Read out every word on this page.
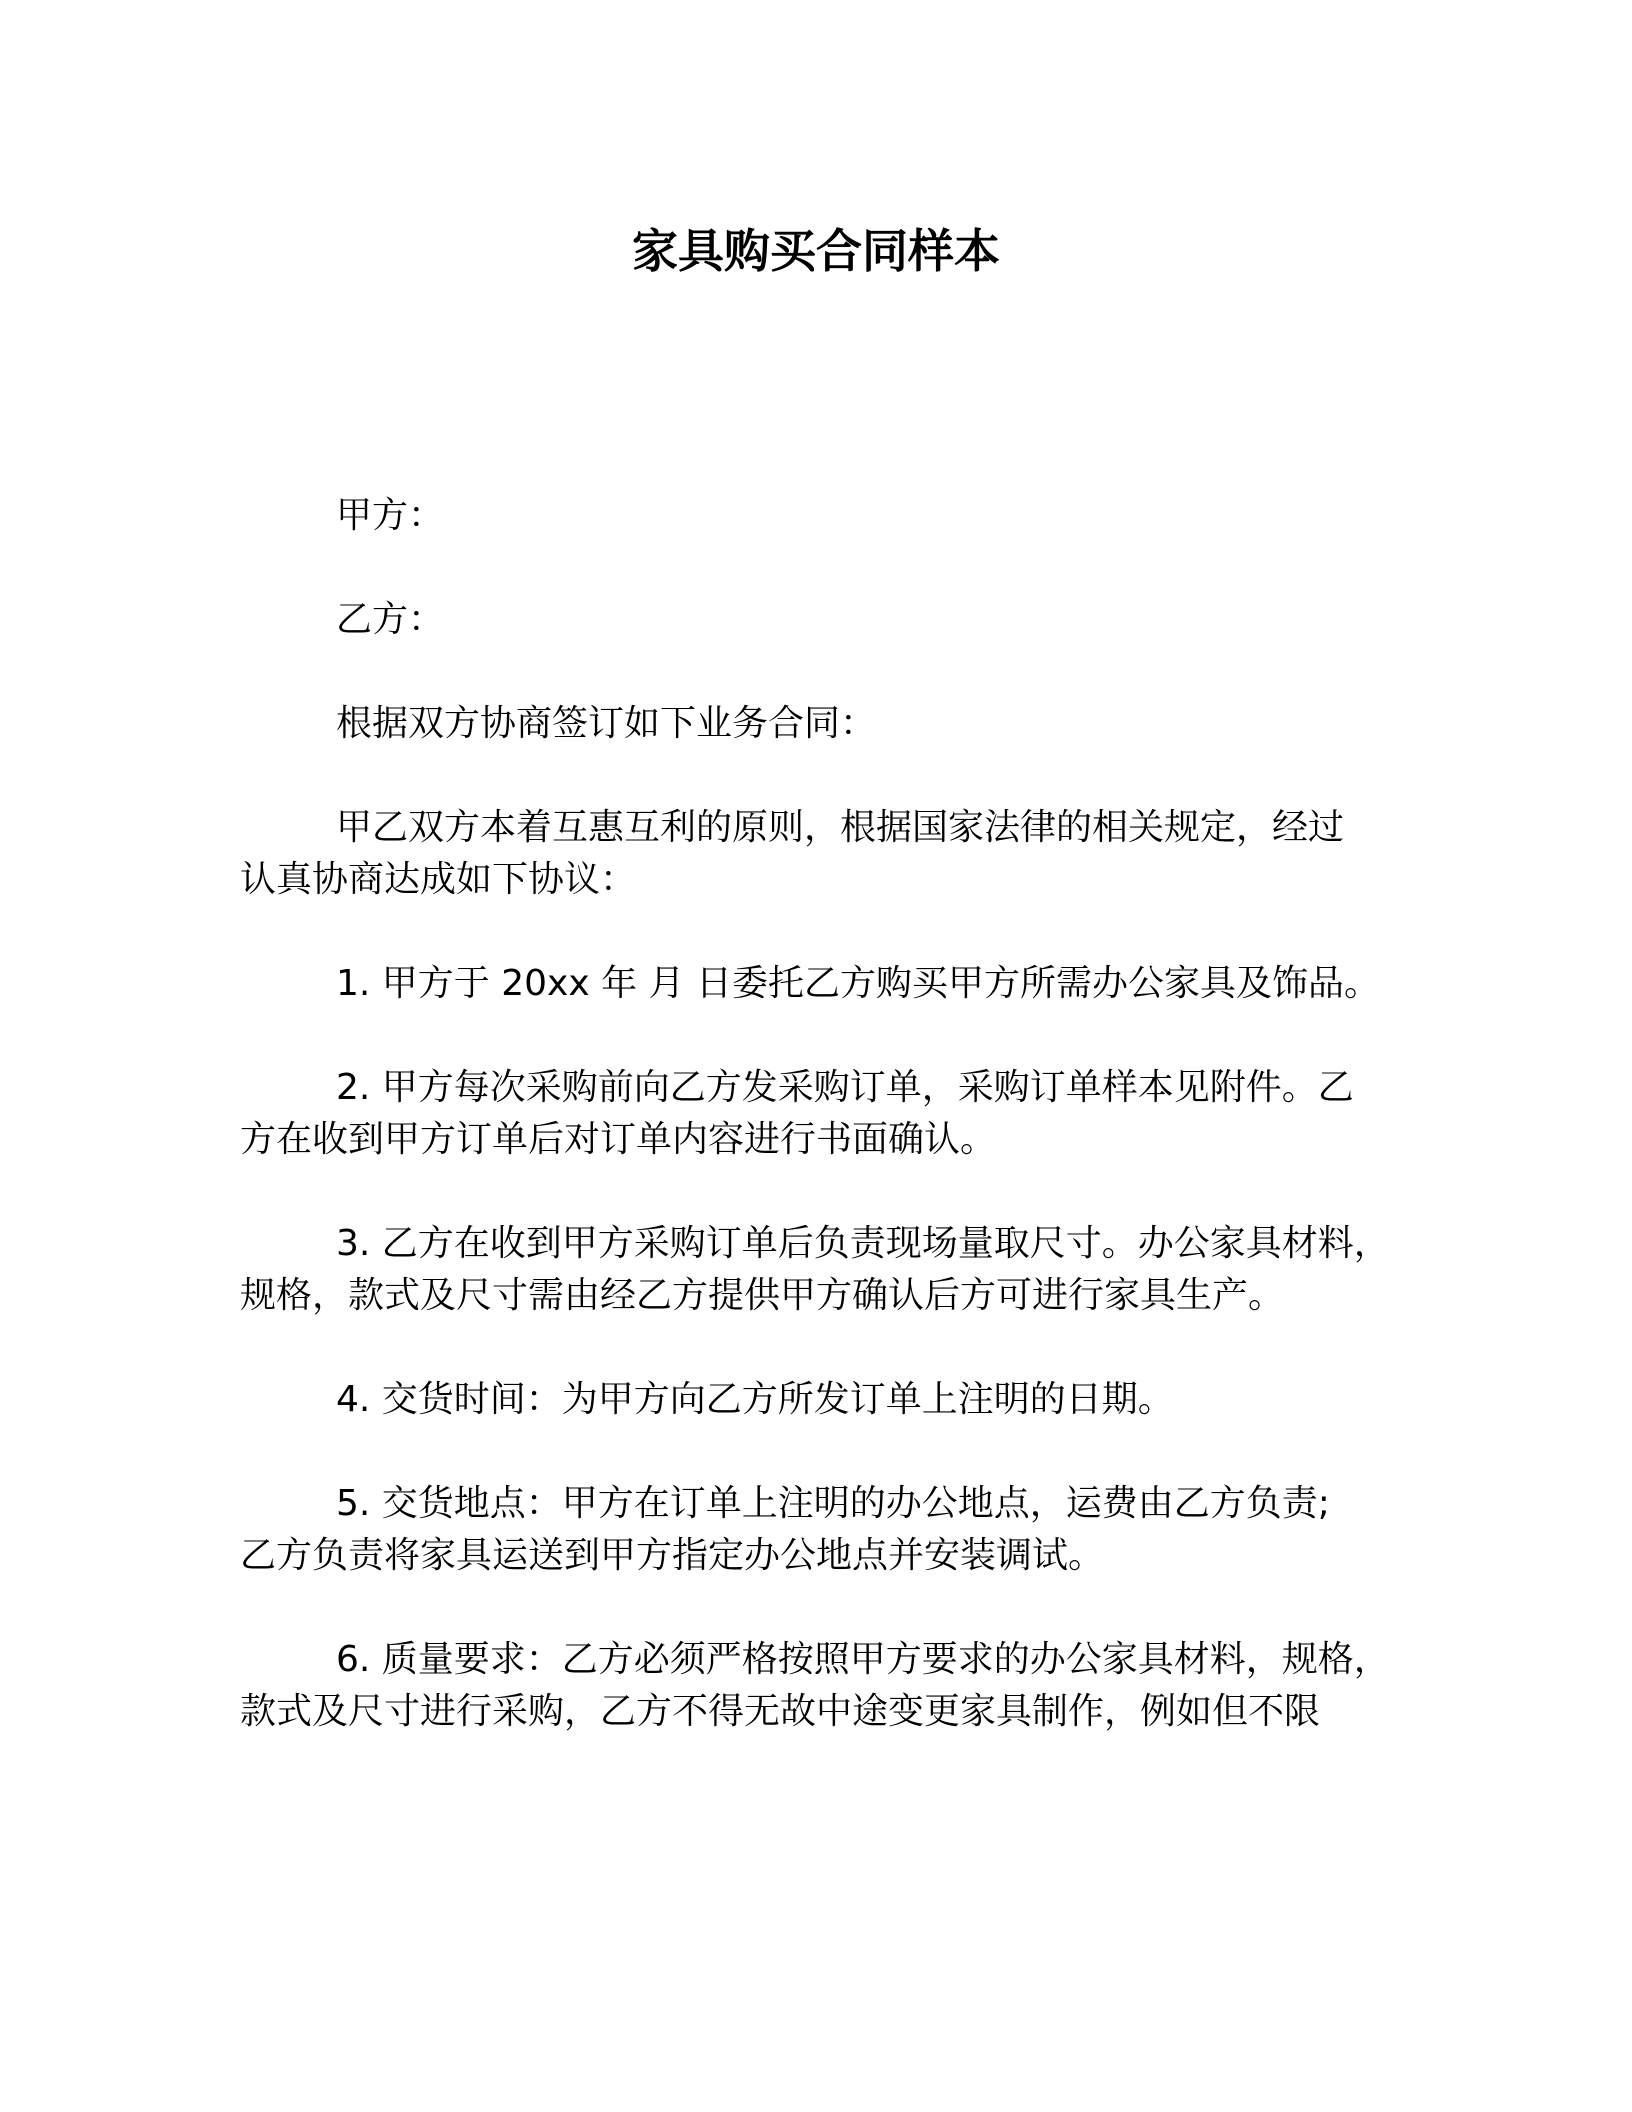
家具购买合同样本

甲方：

乙方：

根据双方协商签订如下业务合同：

甲乙双方本着互惠互利的原则，根据国家法律的相关规定，经过
认真协商达成如下协议：

1. 甲方于 20xx 年 月 日委托乙方购买甲方所需办公家具及饰品。

2. 甲方每次采购前向乙方发采购订单，采购订单样本见附件。乙
方在收到甲方订单后对订单内容进行书面确认。

3. 乙方在收到甲方采购订单后负责现场量取尺寸。办公家具材料，
规格，款式及尺寸需由经乙方提供甲方确认后方可进行家具生产。

4. 交货时间：为甲方向乙方所发订单上注明的日期。

5. 交货地点：甲方在订单上注明的办公地点，运费由乙方负责;
乙方负责将家具运送到甲方指定办公地点并安装调试。

6. 质量要求：乙方必须严格按照甲方要求的办公家具材料，规格，
款式及尺寸进行采购，乙方不得无故中途变更家具制作，例如但不限
